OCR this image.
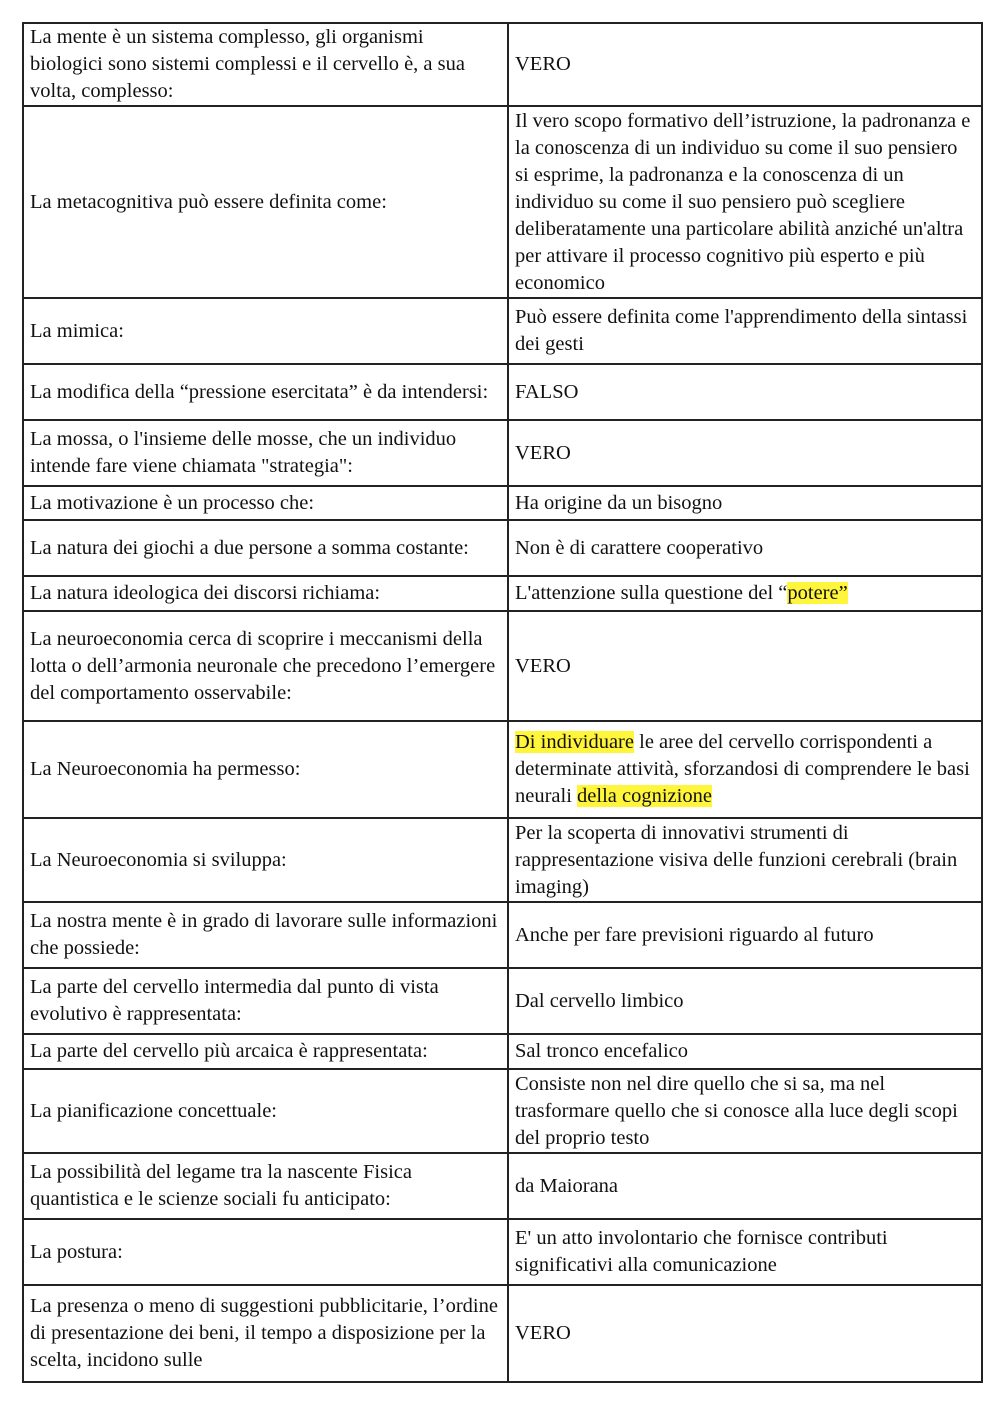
La mente è un sistema complesso, gli organismi biologici sono sistemi complessi e il cervello è, a sua volta, complesso:	VERO
La metacognitiva può essere definita come:	Il vero scopo formativo dell’istruzione, la padronanza e la conoscenza di un individuo su come il suo pensiero si esprime, la padronanza e la conoscenza di un individuo su come il suo pensiero può scegliere deliberatamente una particolare abilità anziché un'altra per attivare il processo cognitivo più esperto e più economico
La mimica:	Può essere definita come l'apprendimento della sintassi dei gesti
La modifica della “pressione esercitata” è da intendersi:	FALSO
La mossa, o l'insieme delle mosse, che un individuo intende fare viene chiamata "strategia":	VERO
La motivazione è un processo che:	Ha origine da un bisogno
La natura dei giochi a due persone a somma costante:	Non è di carattere cooperativo
La natura ideologica dei discorsi richiama:	L'attenzione sulla questione del “potere”
La neuroeconomia cerca di scoprire i meccanismi della lotta o dell’armonia neuronale che precedono l’emergere del comportamento osservabile:	VERO
La Neuroeconomia ha permesso:	Di individuare le aree del cervello corrispondenti a determinate attività, sforzandosi di comprendere le basi neurali della cognizione
La Neuroeconomia si sviluppa:	Per la scoperta di innovativi strumenti di rappresentazione visiva delle funzioni cerebrali (brain imaging)
La nostra mente è in grado di lavorare sulle informazioni che possiede:	Anche per fare previsioni riguardo al futuro
La parte del cervello intermedia dal punto di vista evolutivo è rappresentata:	Dal cervello limbico
La parte del cervello più arcaica è rappresentata:	Sal tronco encefalico
La pianificazione concettuale:	Consiste non nel dire quello che si sa, ma nel trasformare quello che si conosce alla luce degli scopi del proprio testo
La possibilità del legame tra la nascente Fisica quantistica e le scienze sociali fu anticipato:	da Maiorana
La postura:	E' un atto involontario che fornisce contributi significativi alla comunicazione
La presenza o meno di suggestioni pubblicitarie, l’ordine di presentazione dei beni, il tempo a disposizione per la scelta, incidono sulle	VERO
